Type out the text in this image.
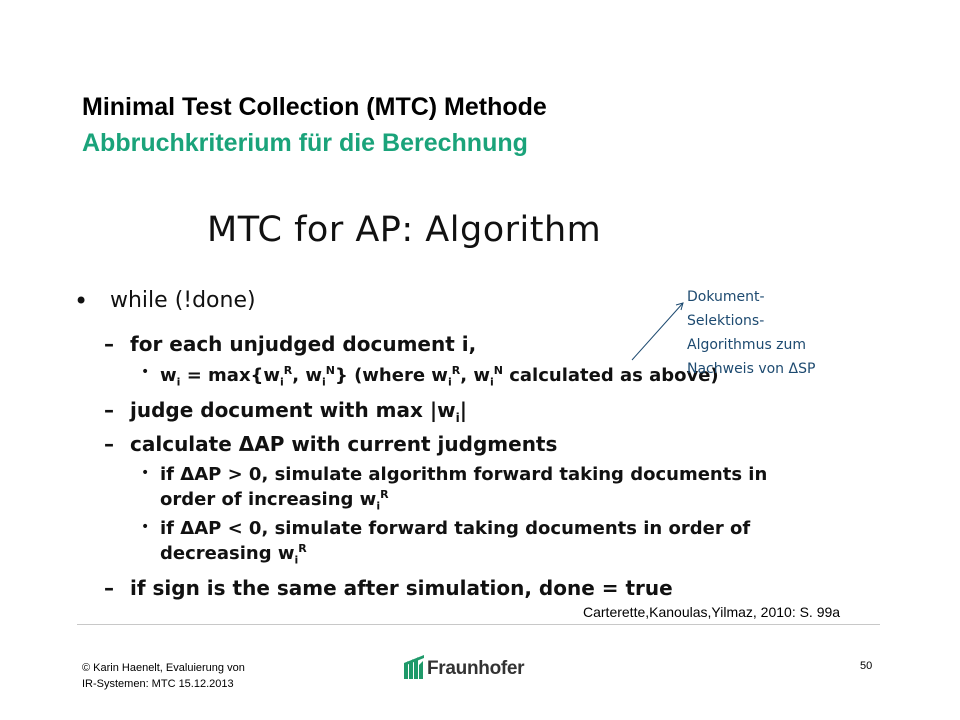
Minimal Test Collection (MTC) Methode
Abbruchkriterium für die Berechnung
MTC for AP: Algorithm
• while (!done)
– for each unjudged document i,
• $w_i = \max\{w_i^R$, $w_i^N$} (where $w_i^R$, $w_i^N$ calculated as above)
– judge document with $\max |w_i|$
– calculate ΔAP with current judgments
• if ΔAP > 0, simulate algorithm forward taking documents in
order of increasing $w_i^R$
• if ΔAP < 0, simulate forward taking documents in order of
decreasing $w_i^R$
– if sign is the same after simulation, done = true
Dokument-
Selektions-
Algorithmus zum
Nachweis von ΔSP
Carterette,Kanoulas,Yilmaz, 2010: S. 99a
© Karin Haenelt, Evaluierung von
IR-Systemen: MTC 15.12.2013
50
Fraunhofer
